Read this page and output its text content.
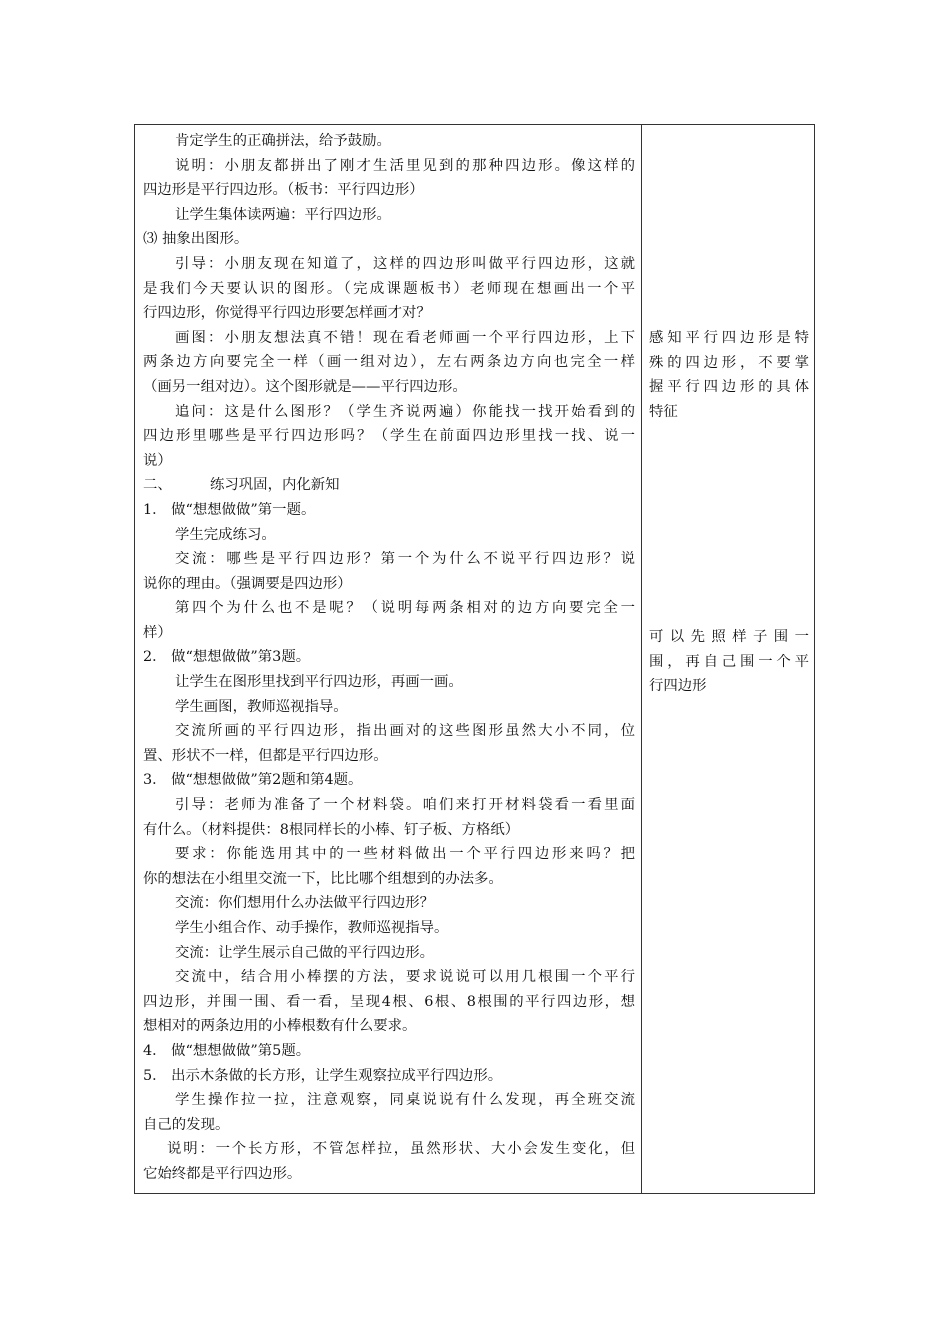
肯定学生的正确拼法，给予鼓励。
说明：小朋友都拼出了刚才生活里见到的那种四边形。像这样的
四边形是平行四边形。（板书：平行四边形）
让学生集体读两遍：平行四边形。
⑶ 抽象出图形。
引导：小朋友现在知道了，这样的四边形叫做平行四边形，这就
是我们今天要认识的图形。（完成课题板书）老师现在想画出一个平
行四边形，你觉得平行四边形要怎样画才对？
画图：小朋友想法真不错！现在看老师画一个平行四边形，上下
两条边方向要完全一样（画一组对边），左右两条边方向也完全一样
（画另一组对边）。这个图形就是——平行四边形。
追问：这是什么图形？（学生齐说两遍）你能找一找开始看到的
四边形里哪些是平行四边形吗？（学生在前面四边形里找一找、说一
说）
二、	练习巩固，内化新知
1． 做“想想做做”第一题。
学生完成练习。
交流：哪些是平行四边形？第一个为什么不说平行四边形？说
说你的理由。（强调要是四边形）
第四个为什么也不是呢？（说明每两条相对的边方向要完全一
样）
2． 做“想想做做”第3题。
让学生在图形里找到平行四边形，再画一画。
学生画图，教师巡视指导。
交流所画的平行四边形，指出画对的这些图形虽然大小不同，位
置、形状不一样，但都是平行四边形。
3． 做“想想做做”第2题和第4题。
引导：老师为准备了一个材料袋。咱们来打开材料袋看一看里面
有什么。（材料提供：8根同样长的小棒、钉子板、方格纸）
要求：你能选用其中的一些材料做出一个平行四边形来吗？把
你的想法在小组里交流一下，比比哪个组想到的办法多。
交流：你们想用什么办法做平行四边形？
学生小组合作、动手操作，教师巡视指导。
交流：让学生展示自己做的平行四边形。
交流中，结合用小棒摆的方法，要求说说可以用几根围一个平行
四边形，并围一围、看一看，呈现4根、6根、8根围的平行四边形，想
想相对的两条边用的小棒根数有什么要求。
4． 做“想想做做”第5题。
5． 出示木条做的长方形，让学生观察拉成平行四边形。
学生操作拉一拉，注意观察，同桌说说有什么发现，再全班交流
自己的发现。
说明：一个长方形，不管怎样拉，虽然形状、大小会发生变化，但
它始终都是平行四边形。
感知平行四边形是特
殊的四边形，不要掌
握平行四边形的具体
特征
可以先照样子围一
围，再自己围一个平
行四边形
